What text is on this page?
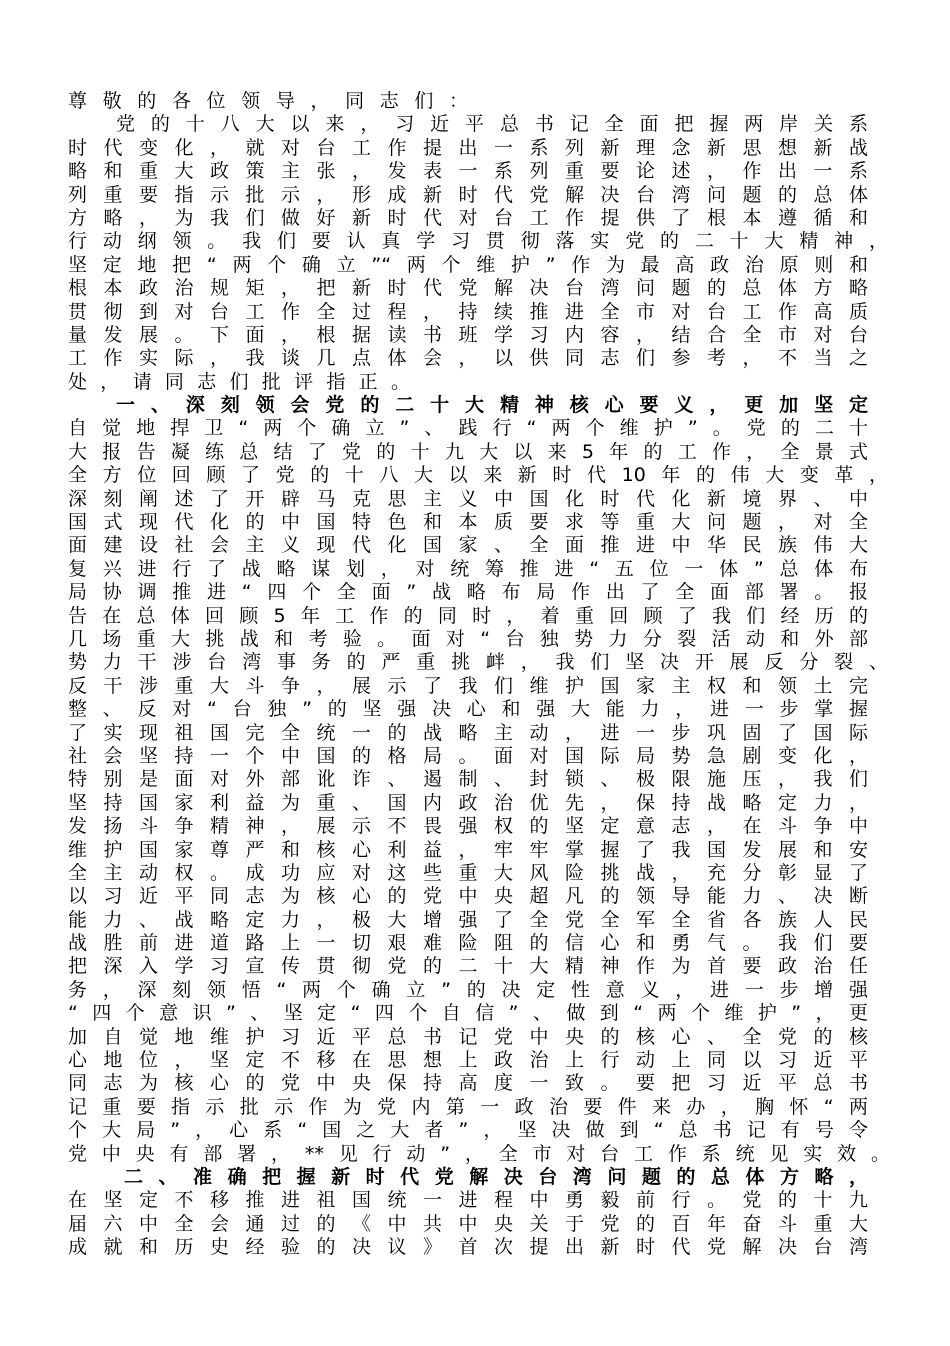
尊敬的各位领导，同志们：
党的十八大以来，习近平总书记全面把握两岸关系
时代变化，就对台工作提出一系列新理念新思想新战
略和重大政策主张，发表一系列重要论述，作出一系
列重要指示批示，形成新时代党解决台湾问题的总体
方略，为我们做好新时代对台工作提供了根本遵循和
行动纲领。我们要认真学习贯彻落实党的二十大精神，
坚定地把“两个确立”“两个维护”作为最高政治原则和
根本政治规矩，把新时代党解决台湾问题的总体方略
贯彻到对台工作全过程，持续推进全市对台工作高质
量发展。下面，根据读书班学习内容，结合全市对台
工作实际，我谈几点体会，以供同志们参考，不当之
处，请同志们批评指正。
一、深刻领会党的二十大精神核心要义，更加坚定
自觉地捍卫“两个确立”、践行“两个维护”。党的二十
大报告凝练总结了党的十九大以来5年的工作，全景式
全方位回顾了党的十八大以来新时代10年的伟大变革，
深刻阐述了开辟马克思主义中国化时代化新境界、中
国式现代化的中国特色和本质要求等重大问题，对全
面建设社会主义现代化国家、全面推进中华民族伟大
复兴进行了战略谋划，对统筹推进“五位一体”总体布
局协调推进“四个全面”战略布局作出了全面部署。报
告在总体回顾5年工作的同时，着重回顾了我们经历的
几场重大挑战和考验。面对“台独势力分裂活动和外部
势力干涉台湾事务的严重挑衅，我们坚决开展反分裂、
反干涉重大斗争，展示了我们维护国家主权和领土完
整、反对“台独”的坚强决心和强大能力，进一步掌握
了实现祖国完全统一的战略主动，进一步巩固了国际
社会坚持一个中国的格局。面对国际局势急剧变化，
特别是面对外部讹诈、遏制、封锁、极限施压，我们
坚持国家利益为重、国内政治优先，保持战略定力，
发扬斗争精神，展示不畏强权的坚定意志，在斗争中
维护国家尊严和核心利益，牢牢掌握了我国发展和安
全主动权。成功应对这些重大风险挑战，充分彰显了
以习近平同志为核心的党中央超凡的领导能力、决断
能力、战略定力，极大增强了全党全军全省各族人民
战胜前进道路上一切艰难险阻的信心和勇气。我们要
把深入学习宣传贯彻党的二十大精神作为首要政治任
务，深刻领悟“两个确立”的决定性意义，进一步增强
“四个意识”、坚定“四个自信”、做到“两个维护”，更
加自觉地维护习近平总书记党中央的核心、全党的核
心地位，坚定不移在思想上政治上行动上同以习近平
同志为核心的党中央保持高度一致。要把习近平总书
记重要指示批示作为党内第一政治要件来办，胸怀“两
个大局”，心系“国之大者”，坚决做到“总书记有号令
党中央有部署，**见行动”，全市对台工作系统见实效。
二、准确把握新时代党解决台湾问题的总体方略，
在坚定不移推进祖国统一进程中勇毅前行。党的十九
届六中全会通过的《中共中央关于党的百年奋斗重大
成就和历史经验的决议》首次提出新时代党解决台湾
